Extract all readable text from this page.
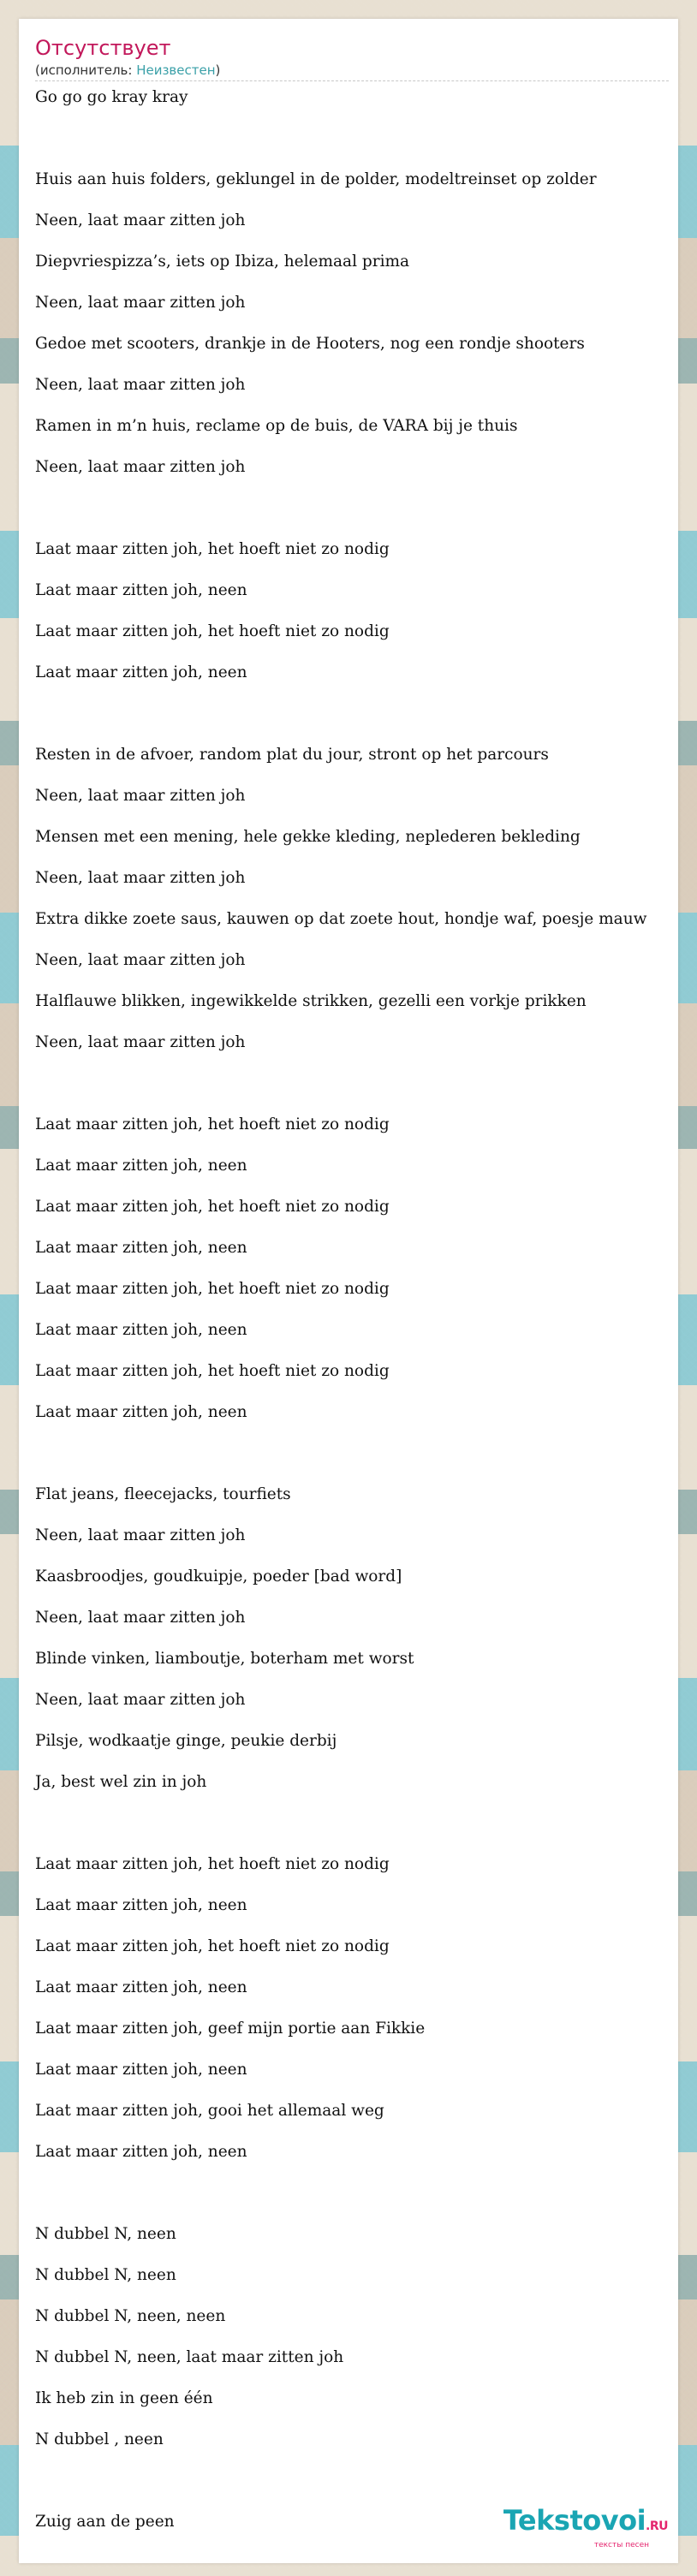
Отсутствует
(исполнитель: Неизвестен)
Go go go kray kray
Huis aan huis folders, geklungel in de polder, modeltreinset op zolder
Neen, laat maar zitten joh
Diepvriespizza’s, iets op Ibiza, helemaal prima
Neen, laat maar zitten joh
Gedoe met scooters, drankje in de Hooters, nog een rondje shooters
Neen, laat maar zitten joh
Ramen in m’n huis, reclame op de buis, de VARA bij je thuis
Neen, laat maar zitten joh
Laat maar zitten joh, het hoeft niet zo nodig
Laat maar zitten joh, neen
Laat maar zitten joh, het hoeft niet zo nodig
Laat maar zitten joh, neen
Resten in de afvoer, random plat du jour, stront op het parcours
Neen, laat maar zitten joh
Mensen met een mening, hele gekke kleding, neplederen bekleding
Neen, laat maar zitten joh
Extra dikke zoete saus, kauwen op dat zoete hout, hondje waf, poesje mauw
Neen, laat maar zitten joh
Halflauwe blikken, ingewikkelde strikken, gezelli een vorkje prikken
Neen, laat maar zitten joh
Laat maar zitten joh, het hoeft niet zo nodig
Laat maar zitten joh, neen
Laat maar zitten joh, het hoeft niet zo nodig
Laat maar zitten joh, neen
Laat maar zitten joh, het hoeft niet zo nodig
Laat maar zitten joh, neen
Laat maar zitten joh, het hoeft niet zo nodig
Laat maar zitten joh, neen
Flat jeans, fleecejacks, tourfiets
Neen, laat maar zitten joh
Kaasbroodjes, goudkuipje, poeder [bad word]
Neen, laat maar zitten joh
Blinde vinken, liamboutje, boterham met worst
Neen, laat maar zitten joh
Pilsje, wodkaatje ginge, peukie derbij
Ja, best wel zin in joh
Laat maar zitten joh, het hoeft niet zo nodig
Laat maar zitten joh, neen
Laat maar zitten joh, het hoeft niet zo nodig
Laat maar zitten joh, neen
Laat maar zitten joh, geef mijn portie aan Fikkie
Laat maar zitten joh, neen
Laat maar zitten joh, gooi het allemaal weg
Laat maar zitten joh, neen
N dubbel N, neen
N dubbel N, neen
N dubbel N, neen, neen
N dubbel N, neen, laat maar zitten joh
Ik heb zin in geen één
N dubbel , neen
Zuig aan de peen	Tekstovoi.RU
тексты песен
